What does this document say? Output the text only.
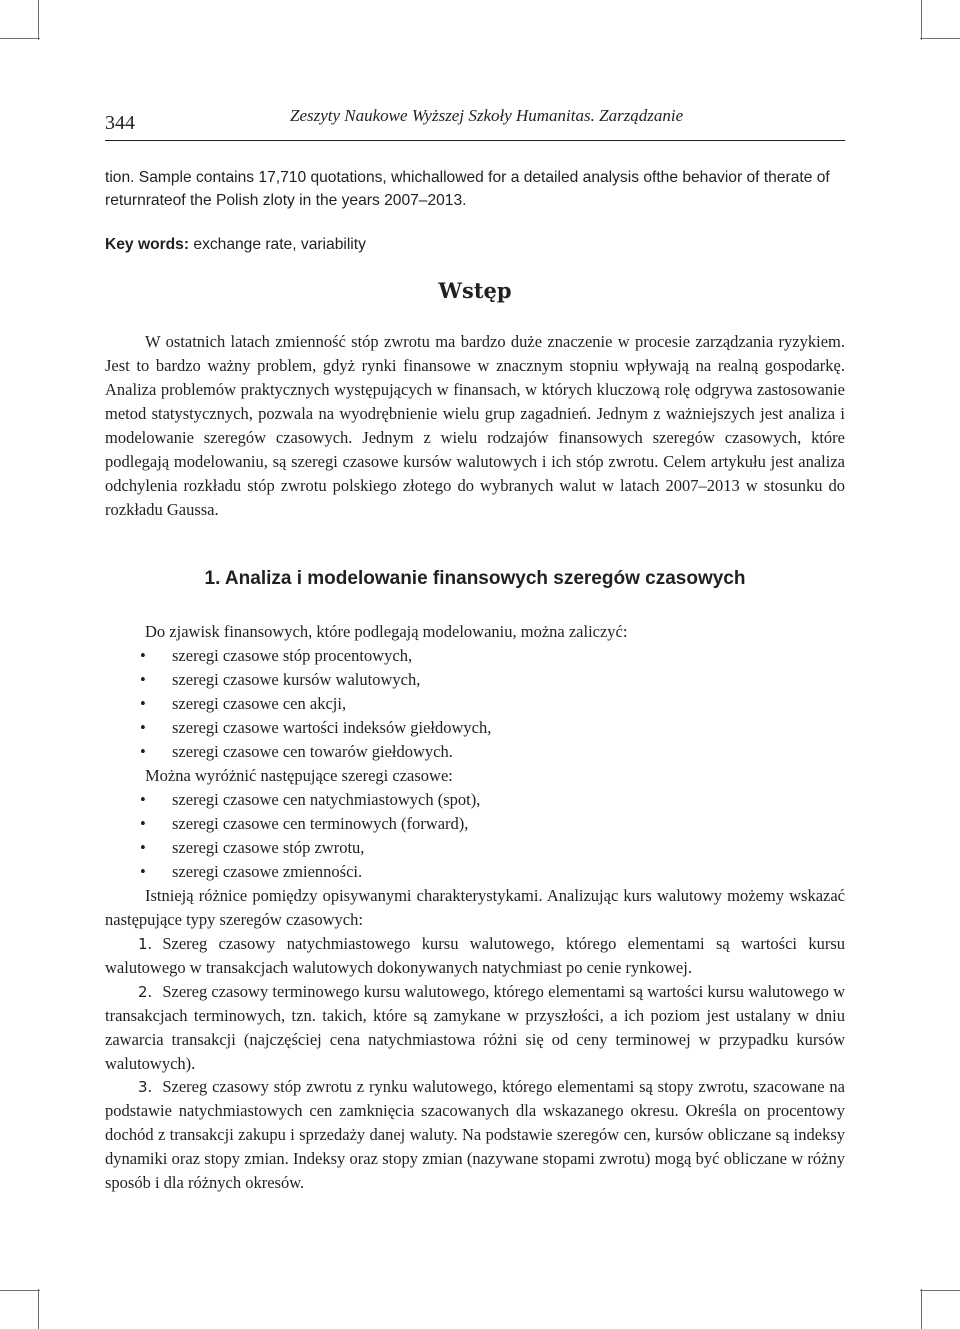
344	Zeszyty Naukowe Wyższej Szkoły Humanitas. Zarządzanie
tion. Sample contains 17,710 quotations, whichallowed for a detailed analysis ofthe behavior of therate of returnrateof the Polish zloty in the years 2007–2013.
Key words: exchange rate, variability
Wstęp
W ostatnich latach zmienność stóp zwrotu ma bardzo duże znaczenie w procesie zarządzania ryzykiem. Jest to bardzo ważny problem, gdyż rynki finansowe w znacznym stopniu wpływają na realną gospodarkę. Analiza problemów praktycznych występujących w finansach, w których kluczową rolę odgrywa zastosowanie metod statystycznych, pozwala na wyodrębnienie wielu grup zagadnień. Jednym z ważniejszych jest analiza i modelowanie szeregów czasowych. Jednym z wielu rodzajów finansowych szeregów czasowych, które podlegają modelowaniu, są szeregi czasowe kursów walutowych i ich stóp zwrotu. Celem artykułu jest analiza odchylenia rozkładu stóp zwrotu polskiego złotego do wybranych walut w latach 2007–2013 w stosunku do rozkładu Gaussa.
1. Analiza i modelowanie finansowych szeregów czasowych
Do zjawisk finansowych, które podlegają modelowaniu, można zaliczyć:
• szeregi czasowe stóp procentowych,
• szeregi czasowe kursów walutowych,
• szeregi czasowe cen akcji,
• szeregi czasowe wartości indeksów giełdowych,
• szeregi czasowe cen towarów giełdowych.
Można wyróżnić następujące szeregi czasowe:
• szeregi czasowe cen natychmiastowych (spot),
• szeregi czasowe cen terminowych (forward),
• szeregi czasowe stóp zwrotu,
• szeregi czasowe zmienności.
Istnieją różnice pomiędzy opisywanymi charakterystykami. Analizując kurs walutowy możemy wskazać następujące typy szeregów czasowych:
1. Szereg czasowy natychmiastowego kursu walutowego, którego elementami są wartości kursu walutowego w transakcjach walutowych dokonywanych natychmiast po cenie rynkowej.
2. Szereg czasowy terminowego kursu walutowego, którego elementami są wartości kursu walutowego w transakcjach terminowych, tzn. takich, które są zamykane w przyszłości, a ich poziom jest ustalany w dniu zawarcia transakcji (najczęściej cena natychmiastowa różni się od ceny terminowej w przypadku kursów walutowych).
3. Szereg czasowy stóp zwrotu z rynku walutowego, którego elementami są stopy zwrotu, szacowane na podstawie natychmiastowych cen zamknięcia szacowanych dla wskazanego okresu. Określa on procentowy dochód z transakcji zakupu i sprzedaży danej waluty. Na podstawie szeregów cen, kursów obliczane są indeksy dynamiki oraz stopy zmian. Indeksy oraz stopy zmian (nazywane stopami zwrotu) mogą być obliczane w różny sposób i dla różnych okresów.
